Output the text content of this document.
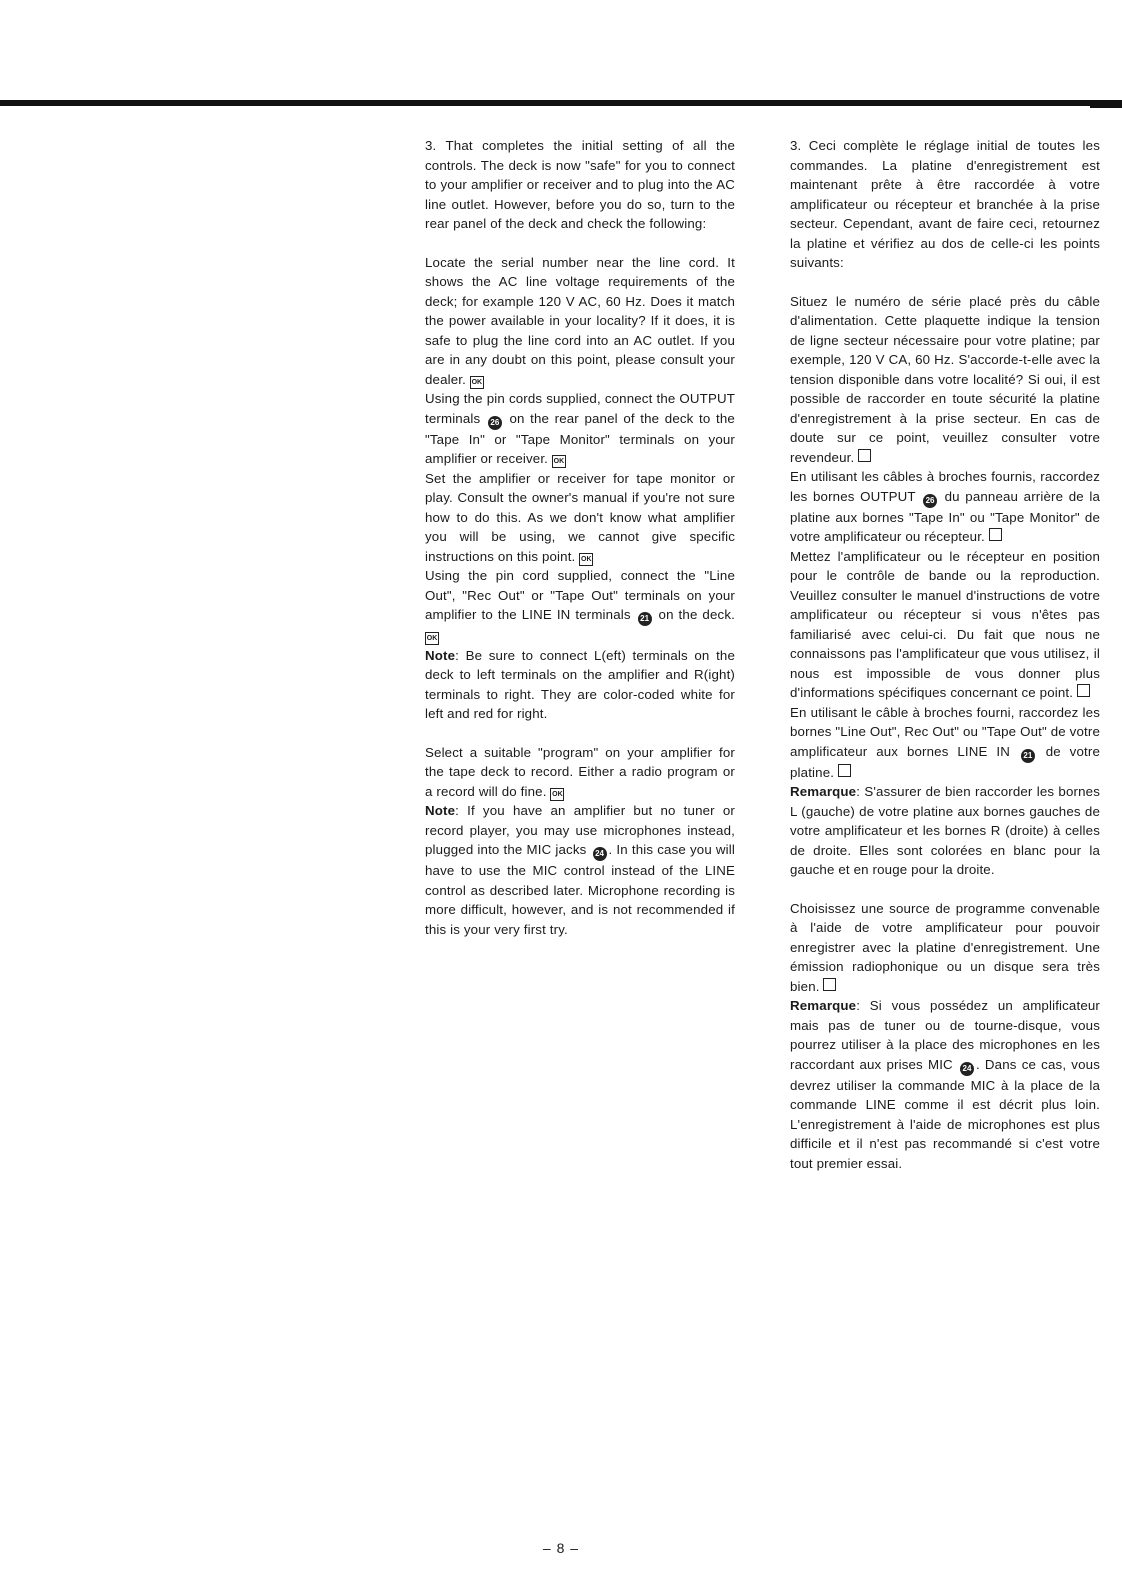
3. That completes the initial setting of all the controls. The deck is now "safe" for you to connect to your amplifier or receiver and to plug into the AC line outlet. However, before you do so, turn to the rear panel of the deck and check the following:

Locate the serial number near the line cord. It shows the AC line voltage requirements of the deck; for example 120 V AC, 60 Hz. Does it match the power available in your locality? If it does, it is safe to plug the line cord into an AC outlet. If you are in any doubt on this point, please consult your dealer. OK

Using the pin cords supplied, connect the OUTPUT terminals 26 on the rear panel of the deck to the "Tape In" or "Tape Monitor" terminals on your amplifier or receiver. OK

Set the amplifier or receiver for tape monitor or play. Consult the owner's manual if you're not sure how to do this. As we don't know what amplifier you will be using, we cannot give specific instructions on this point. OK

Using the pin cord supplied, connect the "Line Out", "Rec Out" or "Tape Out" terminals on your amplifier to the LINE IN terminals 21 on the deck. OK

Note: Be sure to connect L(eft) terminals on the deck to left terminals on the amplifier and R(ight) terminals to right. They are color-coded white for left and red for right.

Select a suitable "program" on your amplifier for the tape deck to record. Either a radio program or a record will do fine. OK

Note: If you have an amplifier but no tuner or record player, you may use microphones instead, plugged into the MIC jacks 24 . In this case you will have to use the MIC control instead of the LINE control as described later. Microphone recording is more difficult, however, and is not recommended if this is your very first try.

3. Ceci complète le réglage initial de toutes les commandes. La platine d'enregistrement est maintenant prête à être raccordée à votre amplificateur ou récepteur et branchée à la prise secteur. Cependant, avant de faire ceci, retournez la platine et vérifiez au dos de celle-ci les points suivants:

Situez le numéro de série placé près du câble d'alimentation. Cette plaquette indique la tension de ligne secteur nécessaire pour votre platine; par exemple, 120 V CA, 60 Hz. S'accorde-t-elle avec la tension disponible dans votre localité? Si oui, il est possible de raccorder en toute sécurité la platine d'enregistrement à la prise secteur. En cas de doute sur ce point, veuillez consulter votre revendeur.

En utilisant les câbles à broches fournis, raccordez les bornes OUTPUT 26 du panneau arrière de la platine aux bornes "Tape In" ou "Tape Monitor" de votre amplificateur ou récepteur.

Mettez l'amplificateur ou le récepteur en position pour le contrôle de bande ou la reproduction. Veuillez consulter le manuel d'instructions de votre amplificateur ou récepteur si vous n'êtes pas familiarisé avec celui-ci. Du fait que nous ne connaissons pas l'amplificateur que vous utilisez, il nous est impossible de vous donner plus d'informations spécifiques concernant ce point.

En utilisant le câble à broches fourni, raccordez les bornes "Line Out", Rec Out" ou "Tape Out" de votre amplificateur aux bornes LINE IN 21 de votre platine.

Remarque: S'assurer de bien raccorder les bornes L (gauche) de votre platine aux bornes gauches de votre amplificateur et les bornes R (droite) à celles de droite. Elles sont colorées en blanc pour la gauche et en rouge pour la droite.

Choisissez une source de programme convenable à l'aide de votre amplificateur pour pouvoir enregistrer avec la platine d'enregistrement. Une émission radiophonique ou un disque sera très bien.

Remarque: Si vous possédez un amplificateur mais pas de tuner ou de tourne-disque, vous pourrez utiliser à la place des microphones en les raccordant aux prises MIC 24 . Dans ce cas, vous devrez utiliser la commande MIC à la place de la commande LINE comme il est décrit plus loin. L'enregistrement à l'aide de microphones est plus difficile et il n'est pas recommandé si c'est votre tout premier essai.

– 8 –
